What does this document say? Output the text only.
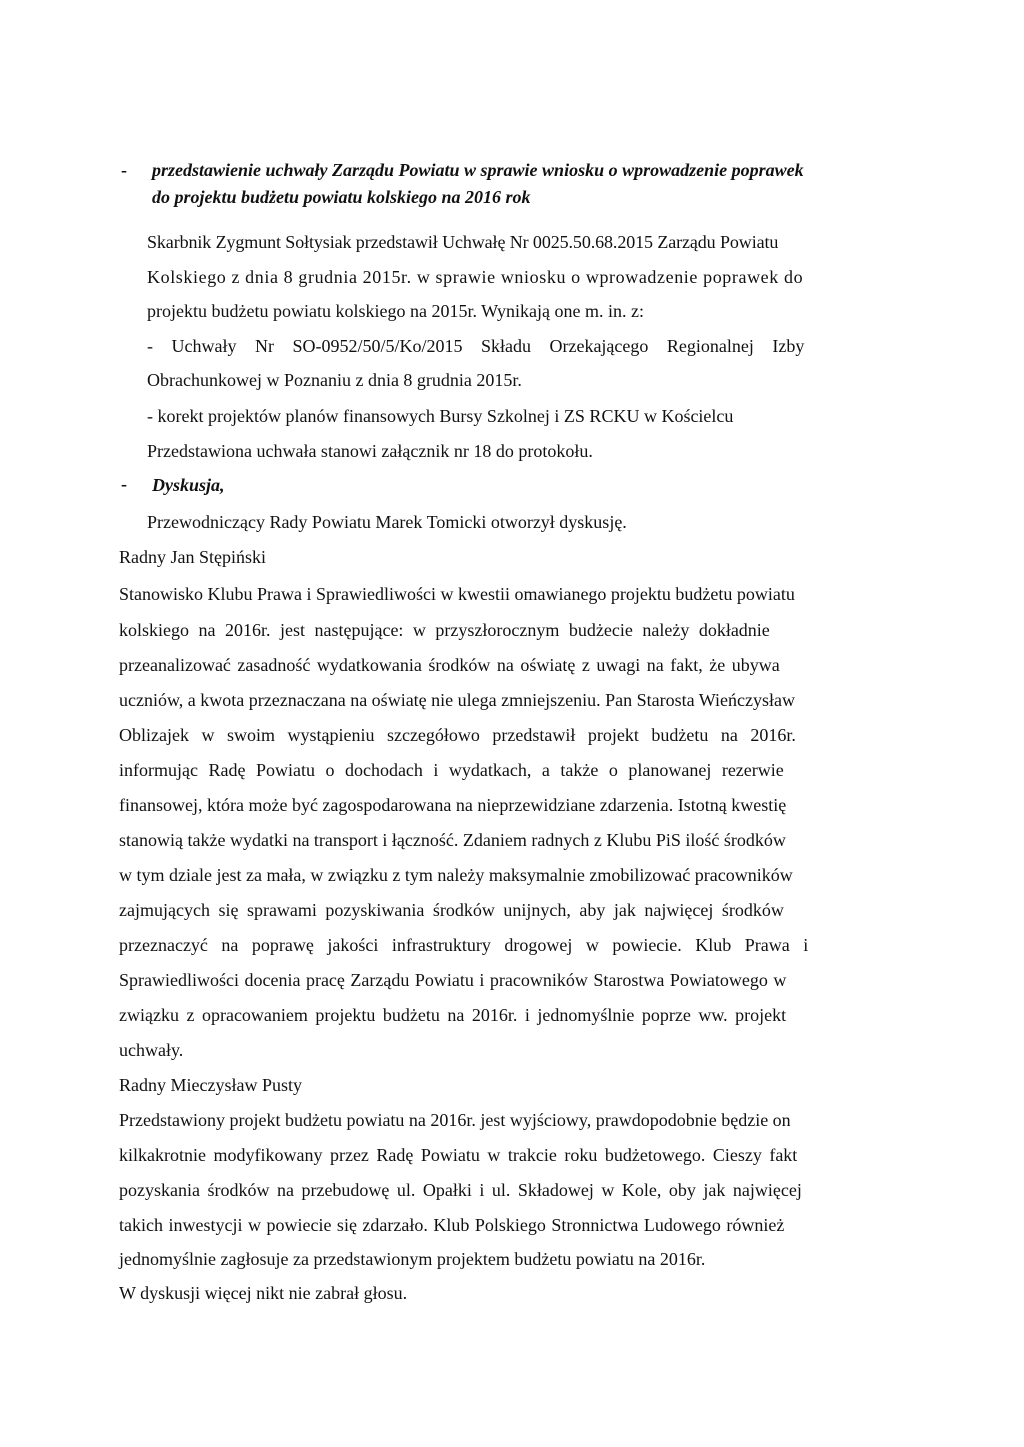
- przedstawienie uchwały Zarządu Powiatu w sprawie wniosku o wprowadzenie poprawek

do projektu budżetu powiatu kolskiego na 2016 rok

Skarbnik Zygmunt Sołtysiak przedstawił Uchwałę Nr 0025.50.68.2015 Zarządu Powiatu

Kolskiego z dnia 8 grudnia 2015r. w sprawie wniosku o wprowadzenie poprawek do

projektu budżetu powiatu kolskiego na 2015r. Wynikają one m. in. z:

- Uchwały Nr SO-0952/50/5/Ko/2015 Składu Orzekającego Regionalnej Izby

Obrachunkowej w Poznaniu z dnia 8 grudnia 2015r.

- korekt projektów planów finansowych Bursy Szkolnej i ZS RCKU w Kościelcu

Przedstawiona uchwała stanowi załącznik nr 18 do protokołu.

- Dyskusja,

Przewodniczący Rady Powiatu Marek Tomicki otworzył dyskusję.

Radny Jan Stępiński

Stanowisko Klubu Prawa i Sprawiedliwości w kwestii omawianego projektu budżetu powiatu

kolskiego na 2016r. jest następujące: w przyszłorocznym budżecie należy dokładnie

przeanalizować zasadność wydatkowania środków na oświatę z uwagi na fakt, że ubywa

uczniów, a kwota przeznaczana na oświatę nie ulega zmniejszeniu. Pan Starosta Wieńczysław

Oblizajek w swoim wystąpieniu szczegółowo przedstawił projekt budżetu na 2016r.

informując Radę Powiatu o dochodach i wydatkach, a także o planowanej rezerwie

finansowej, która może być zagospodarowana na nieprzewidziane zdarzenia. Istotną kwestię

stanowią także wydatki na transport i łączność. Zdaniem radnych z Klubu PiS ilość środków

w tym dziale jest za mała, w związku z tym należy maksymalnie zmobilizować pracowników

zajmujących się sprawami pozyskiwania środków unijnych, aby jak najwięcej środków

przeznaczyć na poprawę jakości infrastruktury drogowej w powiecie. Klub Prawa i

Sprawiedliwości docenia pracę Zarządu Powiatu i pracowników Starostwa Powiatowego w

związku z opracowaniem projektu budżetu na 2016r. i jednomyślnie poprze ww. projekt

uchwały.

Radny Mieczysław Pusty

Przedstawiony projekt budżetu powiatu na 2016r. jest wyjściowy, prawdopodobnie będzie on

kilkakrotnie modyfikowany przez Radę Powiatu w trakcie roku budżetowego. Cieszy fakt

pozyskania środków na przebudowę ul. Opałki i ul. Składowej w Kole, oby jak najwięcej

takich inwestycji w powiecie się zdarzało. Klub Polskiego Stronnictwa Ludowego również

jednomyślnie zagłosuje za przedstawionym projektem budżetu powiatu na 2016r.

W dyskusji więcej nikt nie zabrał głosu.
